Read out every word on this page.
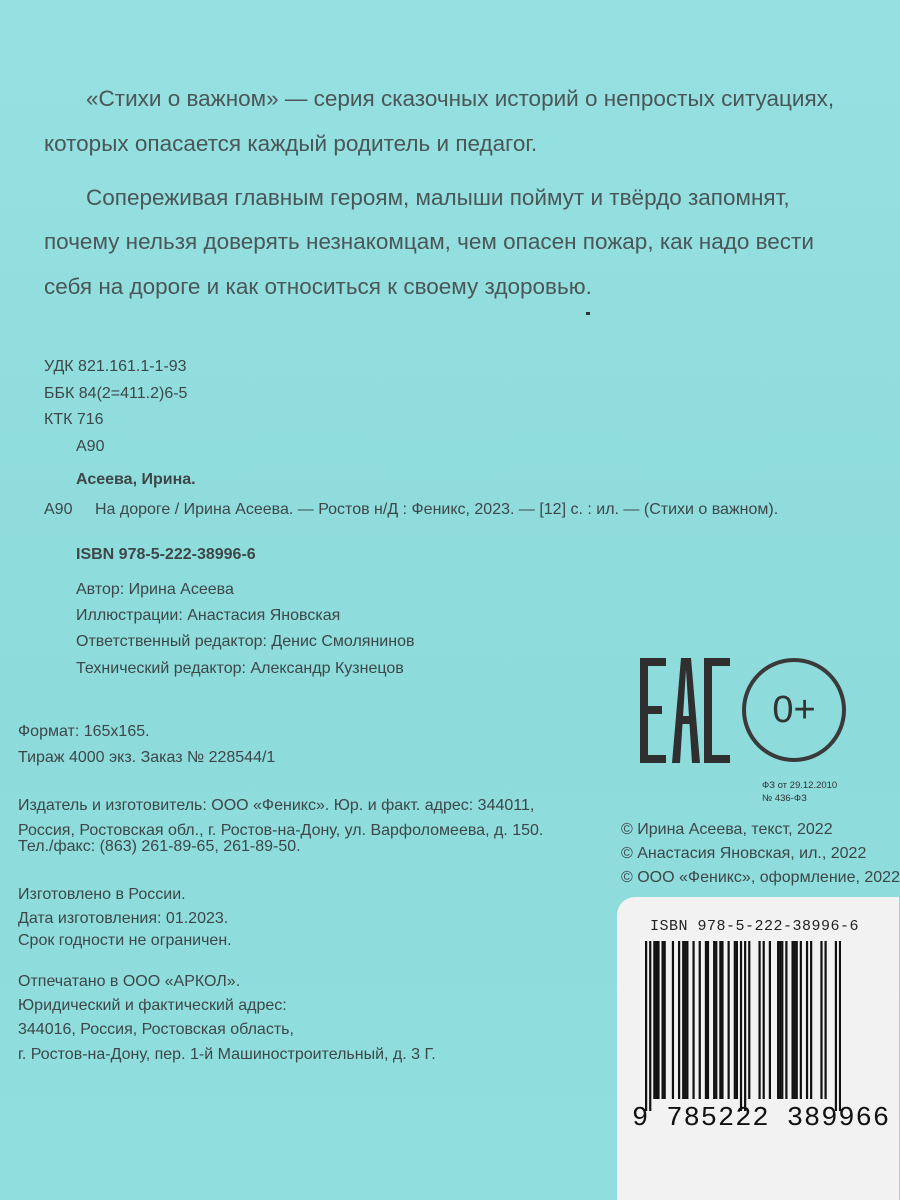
«Стихи о важном» — серия сказочных историй о непростых ситуациях,

которых опасается каждый родитель и педагог.

Сопереживая главным героям, малыши поймут и твёрдо запомнят,

почему нельзя доверять незнакомцам, чем опасен пожар, как надо вести

себя на дороге и как относиться к своему здоровью.

УДК 821.161.1-1-93
ББК 84(2=411.2)6-5
КТК 716
А90
Асеева, Ирина.
А90 На дороге / Ирина Асеева. — Ростов н/Д : Феникс, 2023. — [12] с. : ил. — (Стихи о важном).
ISBN 978-5-222-38996-6
Автор: Ирина Асеева
Иллюстрации: Анастасия Яновская
Ответственный редактор: Денис Смолянинов
Технический редактор: Александр Кузнецов
Формат: 165х165.
Тираж 4000 экз. Заказ № 228544/1
Издатель и изготовитель: ООО «Феникс». Юр. и факт. адрес: 344011,
Россия, Ростовская обл., г. Ростов-на-Дону, ул. Варфоломеева, д. 150.
Тел./факс: (863) 261-89-65, 261-89-50.
Изготовлено в России.
Дата изготовления: 01.2023.
Срок годности не ограничен.
Отпечатано в ООО «АРКОЛ».
Юридический и фактический адрес:
344016, Россия, Ростовская область,
г. Ростов-на-Дону, пер. 1-й Машиностроительный, д. 3 Г.
0+
ФЗ от 29.12.2010
№ 436-ФЗ
© Ирина Асеева, текст, 2022
© Анастасия Яновская, ил., 2022
© ООО «Феникс», оформление, 2022
ISBN 978-5-222-38996-6
9 785222 389966
